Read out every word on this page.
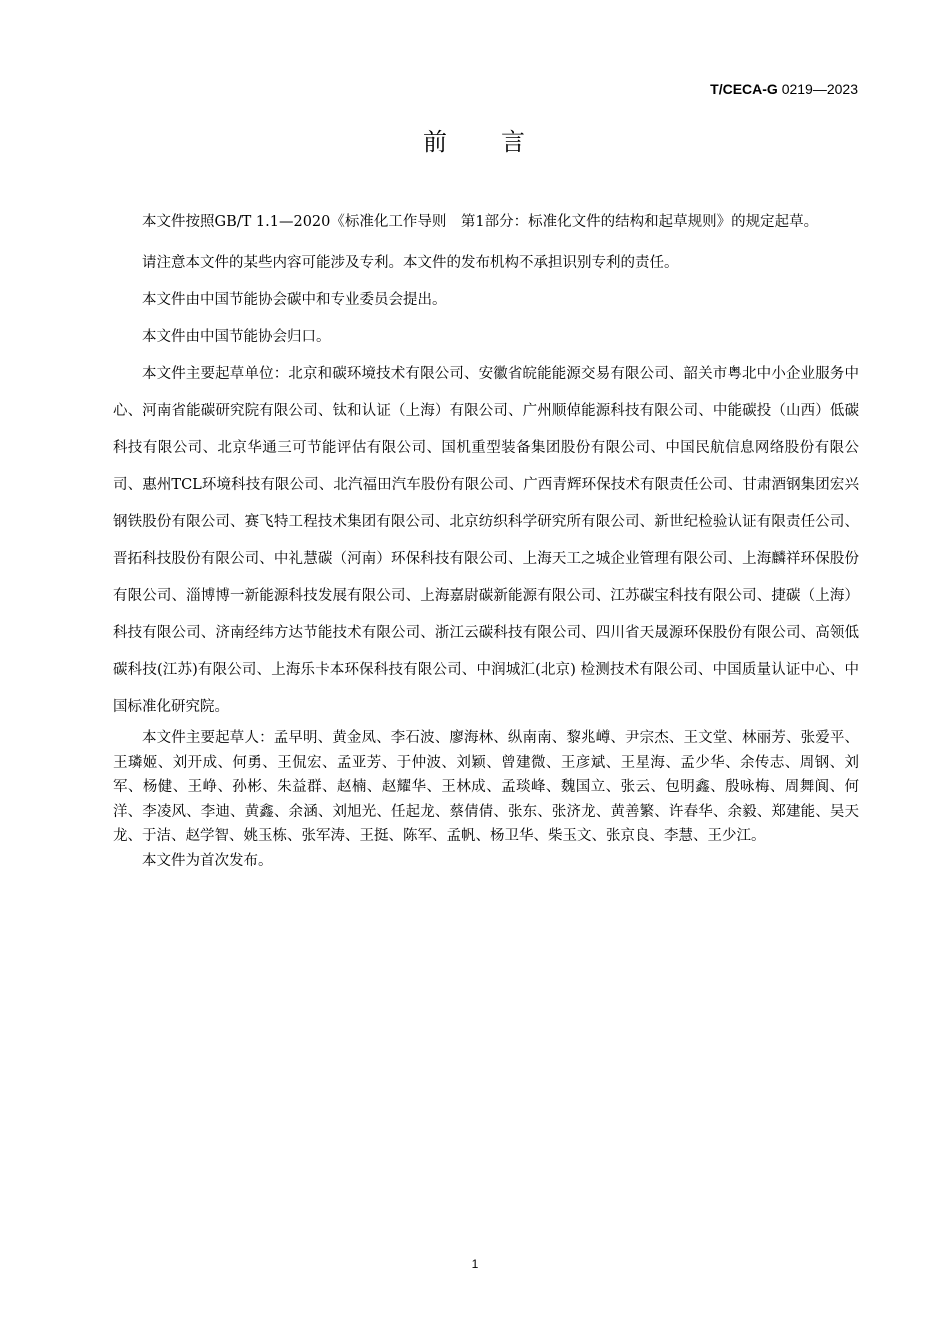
T/CECA-G 0219—2023
前 言

本文件按照GB/T 1.1—2020《标准化工作导则　第1部分：标准化文件的结构和起草规则》的规定起草。

请注意本文件的某些内容可能涉及专利。本文件的发布机构不承担识别专利的责任。

本文件由中国节能协会碳中和专业委员会提出。

本文件由中国节能协会归口。

本文件主要起草单位：北京和碳环境技术有限公司、安徽省皖能能源交易有限公司、韶关市粤北中小企业服务中心、河南省能碳研究院有限公司、钛和认证（上海）有限公司、广州顺倬能源科技有限公司、中能碳投（山西）低碳科技有限公司、北京华通三可节能评估有限公司、国机重型装备集团股份有限公司、中国民航信息网络股份有限公司、惠州TCL环境科技有限公司、北汽福田汽车股份有限公司、广西青辉环保技术有限责任公司、甘肃酒钢集团宏兴钢铁股份有限公司、赛飞特工程技术集团有限公司、北京纺织科学研究所有限公司、新世纪检验认证有限责任公司、晋拓科技股份有限公司、中礼慧碳（河南）环保科技有限公司、上海天工之城企业管理有限公司、上海麟祥环保股份有限公司、淄博博一新能源科技发展有限公司、上海嘉尉碳新能源有限公司、江苏碳宝科技有限公司、捷碳（上海）科技有限公司、济南经纬方达节能技术有限公司、浙江云碳科技有限公司、四川省天晟源环保股份有限公司、高领低碳科技(江苏)有限公司、上海乐卡本环保科技有限公司、中润城汇(北京) 检测技术有限公司、中国质量认证中心、中国标准化研究院。

本文件主要起草人：孟早明、黄金凤、李石波、廖海林、纵南南、黎兆嶟、尹宗杰、王文堂、林丽芳、张爱平、王璘姬、刘开成、何勇、王侃宏、孟亚芳、于仲波、刘颖、曾建微、王彦斌、王星海、孟少华、余传志、周钢、刘军、杨健、王峥、孙彬、朱益群、赵楠、赵耀华、王林成、孟琰峰、魏国立、张云、包明鑫、殷咏梅、周舞阆、何洋、李凌风、李迪、黄鑫、余涵、刘旭光、任起龙、蔡倩倩、张东、张济龙、黄善繁、许春华、余毅、郑建能、吴天龙、于洁、赵学智、姚玉栋、张军涛、王挺、陈军、孟帆、杨卫华、柴玉文、张京良、李慧、王少江。

本文件为首次发布。

1
